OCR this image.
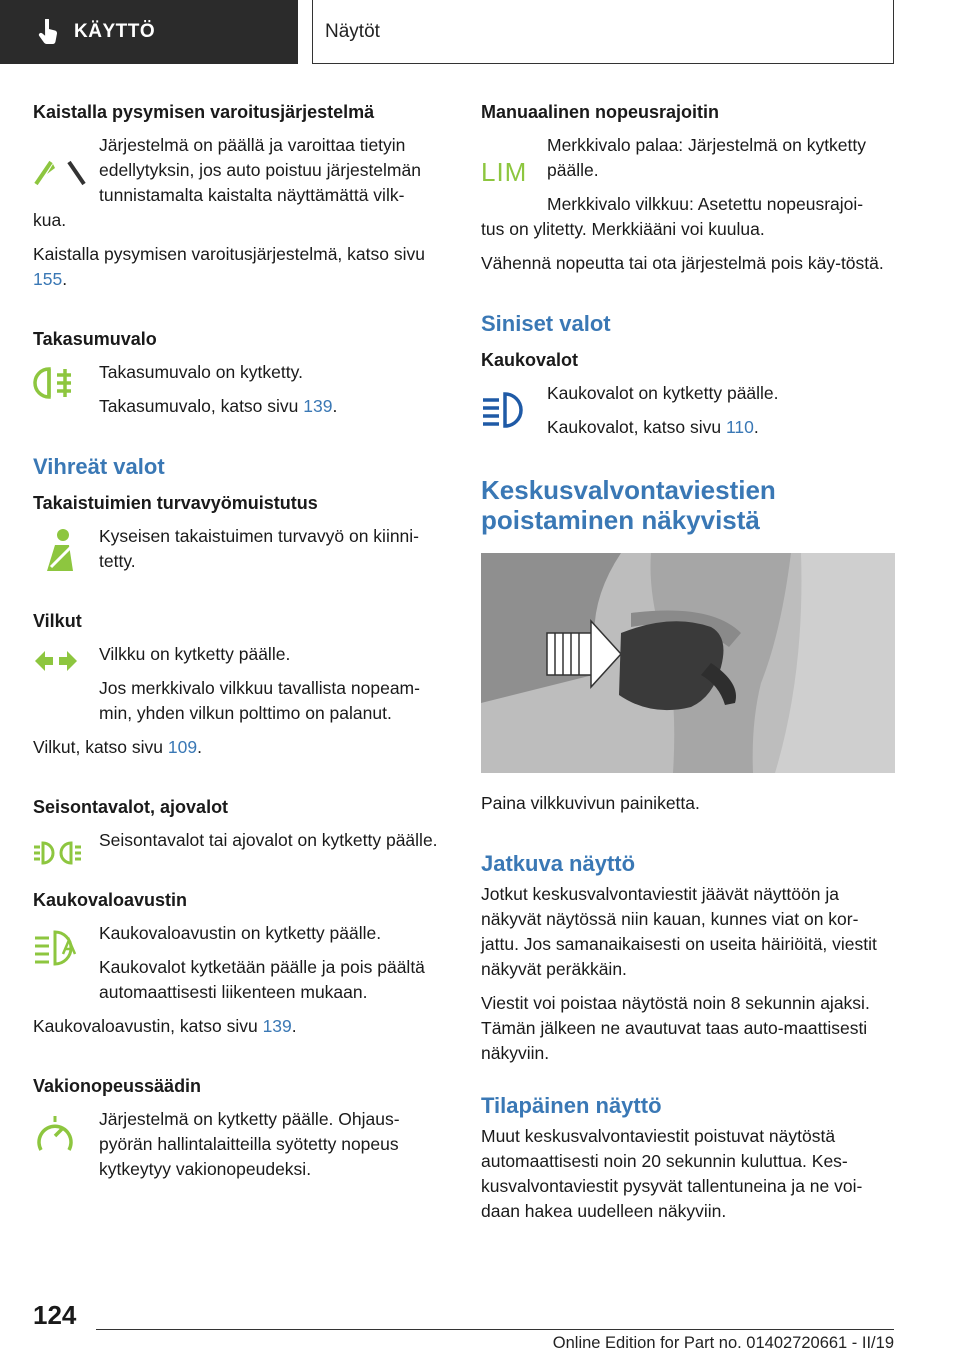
KÄYTTÖ	Näytöt
Kaistalla pysymisen varoitusjärjestelmä
Järjestelmä on päällä ja varoittaa tietyin edellytyksin, jos auto poistuu järjestelmän tunnistamalta kaistalta näyttämättä vilk-
kua.
Kaistalla pysymisen varoitusjärjestelmä, katso sivu 155.
Takasumuvalo
Takasumuvalo on kytketty.
Takasumuvalo, katso sivu 139.
Vihreät valot
Takaistuimien turvavyömuistutus
Kyseisen takaistuimen turvavyö on kiinni-tetty.
Vilkut
Vilkku on kytketty päälle.
Jos merkkivalo vilkkuu tavallista nopeam-min, yhden vilkun polttimo on palanut.
Vilkut, katso sivu 109.
Seisontavalot, ajovalot
Seisontavalot tai ajovalot on kytketty päälle.
Kaukovaloavustin
Kaukovaloavustin on kytketty päälle.
Kaukovalot kytketään päälle ja pois päältä automaattisesti liikenteen mukaan.
Kaukovaloavustin, katso sivu 139.
Vakionopeussäädin
Järjestelmä on kytketty päälle. Ohjaus-pyörän hallintalaitteilla syötetty nopeus kytkeytyy vakionopeudeksi.
Manuaalinen nopeusrajoitin
LIM
Merkkivalo palaa: Järjestelmä on kytketty päälle.
Merkkivalo vilkkuu: Asetettu nopeusrajoi-
tus on ylitetty. Merkkiääni voi kuulua.
Vähennä nopeutta tai ota järjestelmä pois käy-töstä.
Siniset valot
Kaukovalot
Kaukovalot on kytketty päälle.
Kaukovalot, katso sivu 110.
Keskusvalvontaviestien poistaminen näkyvistä
Paina vilkkuvivun painiketta.
Jatkuva näyttö
Jotkut keskusvalvontaviestit jäävät näyttöön ja näkyvät näytössä niin kauan, kunnes viat on kor-jattu. Jos samanaikaisesti on useita häiriöitä, viestit näkyvät peräkkäin.
Viestit voi poistaa näytöstä noin 8 sekunnin ajaksi. Tämän jälkeen ne avautuvat taas auto-maattisesti näkyviin.
Tilapäinen näyttö
Muut keskusvalvontaviestit poistuvat näytöstä automaattisesti noin 20 sekunnin kuluttua. Kes-kusvalvontaviestit pysyvät tallentuneina ja ne voi-daan hakea uudelleen näkyviin.
124
Online Edition for Part no. 01402720661 - II/19
